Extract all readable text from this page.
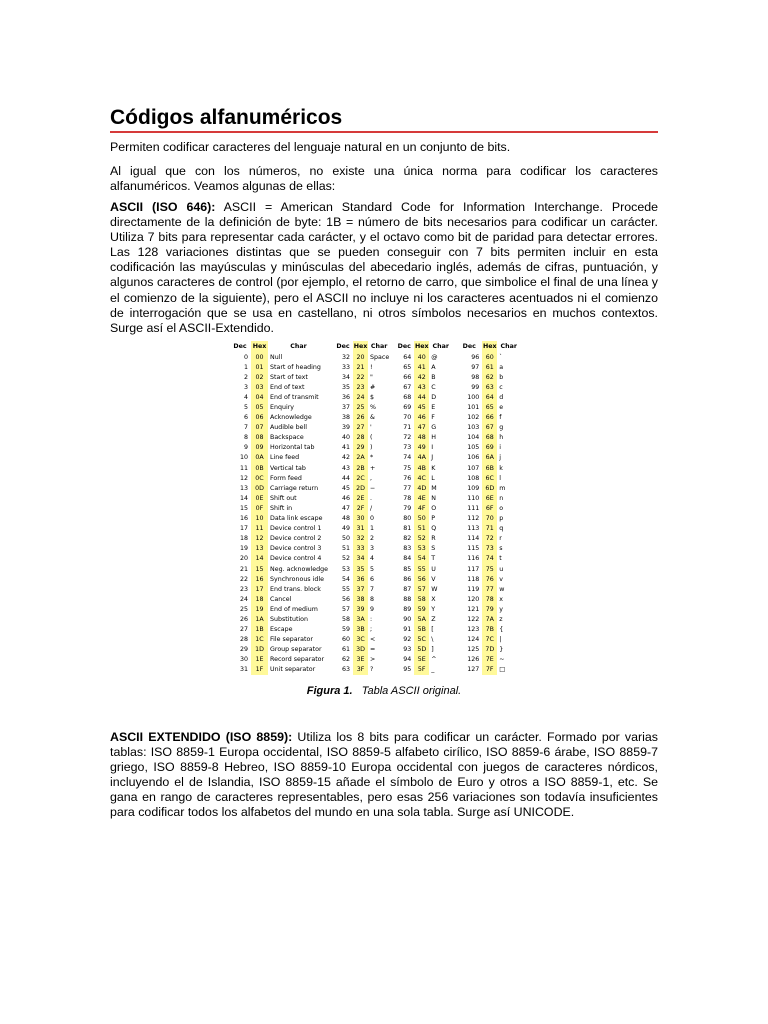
Códigos alfanuméricos

Permiten codificar caracteres del lenguaje natural en un conjunto de bits.

Al igual que con los números, no existe una única norma para codificar los caracteres alfanuméricos. Veamos algunas de ellas:

ASCII (ISO 646): ASCII = American Standard Code for Information Interchange. Procede directamente de la definición de byte: 1B = número de bits necesarios para codificar un carácter. Utiliza 7 bits para representar cada carácter, y el octavo como bit de paridad para detectar errores. Las 128 variaciones distintas que se pueden conseguir con 7 bits permiten incluir en esta codificación las mayúsculas y minúsculas del abecedario inglés, además de cifras, puntuación, y algunos caracteres de control (por ejemplo, el retorno de carro, que simbolice el final de una línea y el comienzo de la siguiente), pero el ASCII no incluye ni los caracteres acentuados ni el comienzo de interrogación que se usa en castellano, ni otros símbolos necesarios en muchos contextos. Surge así el ASCII-Extendido.

Dec	Hex	Char		Dec	Hex	Char		Dec	Hex	Char		Dec	Hex	Char
0	00	Null		32	20	Space		64	40	@		96	60	`
1	01	Start of heading		33	21	!		65	41	A		97	61	a
2	02	Start of text		34	22	"		66	42	B		98	62	b
3	03	End of text		35	23	#		67	43	C		99	63	c
4	04	End of transmit		36	24	$		68	44	D		100	64	d
5	05	Enquiry		37	25	%		69	45	E		101	65	e
6	06	Acknowledge		38	26	&		70	46	F		102	66	f
7	07	Audible bell		39	27	'		71	47	G		103	67	g
8	08	Backspace		40	28	(		72	48	H		104	68	h
9	09	Horizontal tab		41	29	)		73	49	I		105	69	i
10	0A	Line feed		42	2A	*		74	4A	J		106	6A	j
11	0B	Vertical tab		43	2B	+		75	4B	K		107	6B	k
12	0C	Form feed		44	2C	,		76	4C	L		108	6C	l
13	0D	Carriage return		45	2D	−		77	4D	M		109	6D	m
14	0E	Shift out		46	2E	.		78	4E	N		110	6E	n
15	0F	Shift in		47	2F	/		79	4F	O		111	6F	o
16	10	Data link escape		48	30	0		80	50	P		112	70	p
17	11	Device control 1		49	31	1		81	51	Q		113	71	q
18	12	Device control 2		50	32	2		82	52	R		114	72	r
19	13	Device control 3		51	33	3		83	53	S		115	73	s
20	14	Device control 4		52	34	4		84	54	T		116	74	t
21	15	Neg. acknowledge		53	35	5		85	55	U		117	75	u
22	16	Synchronous idle		54	36	6		86	56	V		118	76	v
23	17	End trans. block		55	37	7		87	57	W		119	77	w
24	18	Cancel		56	38	8		88	58	X		120	78	x
25	19	End of medium		57	39	9		89	59	Y		121	79	y
26	1A	Substitution		58	3A	:		90	5A	Z		122	7A	z
27	1B	Escape		59	3B	;		91	5B	[		123	7B	{
28	1C	File separator		60	3C	<		92	5C	\		124	7C	|
29	1D	Group separator		61	3D	=		93	5D	]		125	7D	}
30	1E	Record separator		62	3E	>		94	5E	^		126	7E	~
31	1F	Unit separator		63	3F	?		95	5F	_		127	7F	□
Figura 1. Tabla ASCII original.

ASCII EXTENDIDO (ISO 8859): Utiliza los 8 bits para codificar un carácter. Formado por varias tablas: ISO 8859-1 Europa occidental, ISO 8859-5 alfabeto cirílico, ISO 8859-6 árabe, ISO 8859-7 griego, ISO 8859-8 Hebreo, ISO 8859-10 Europa occidental con juegos de caracteres nórdicos, incluyendo el de Islandia, ISO 8859-15 añade el símbolo de Euro y otros a ISO 8859-1, etc. Se gana en rango de caracteres representables, pero esas 256 variaciones son todavía insuficientes para codificar todos los alfabetos del mundo en una sola tabla. Surge así UNICODE.
